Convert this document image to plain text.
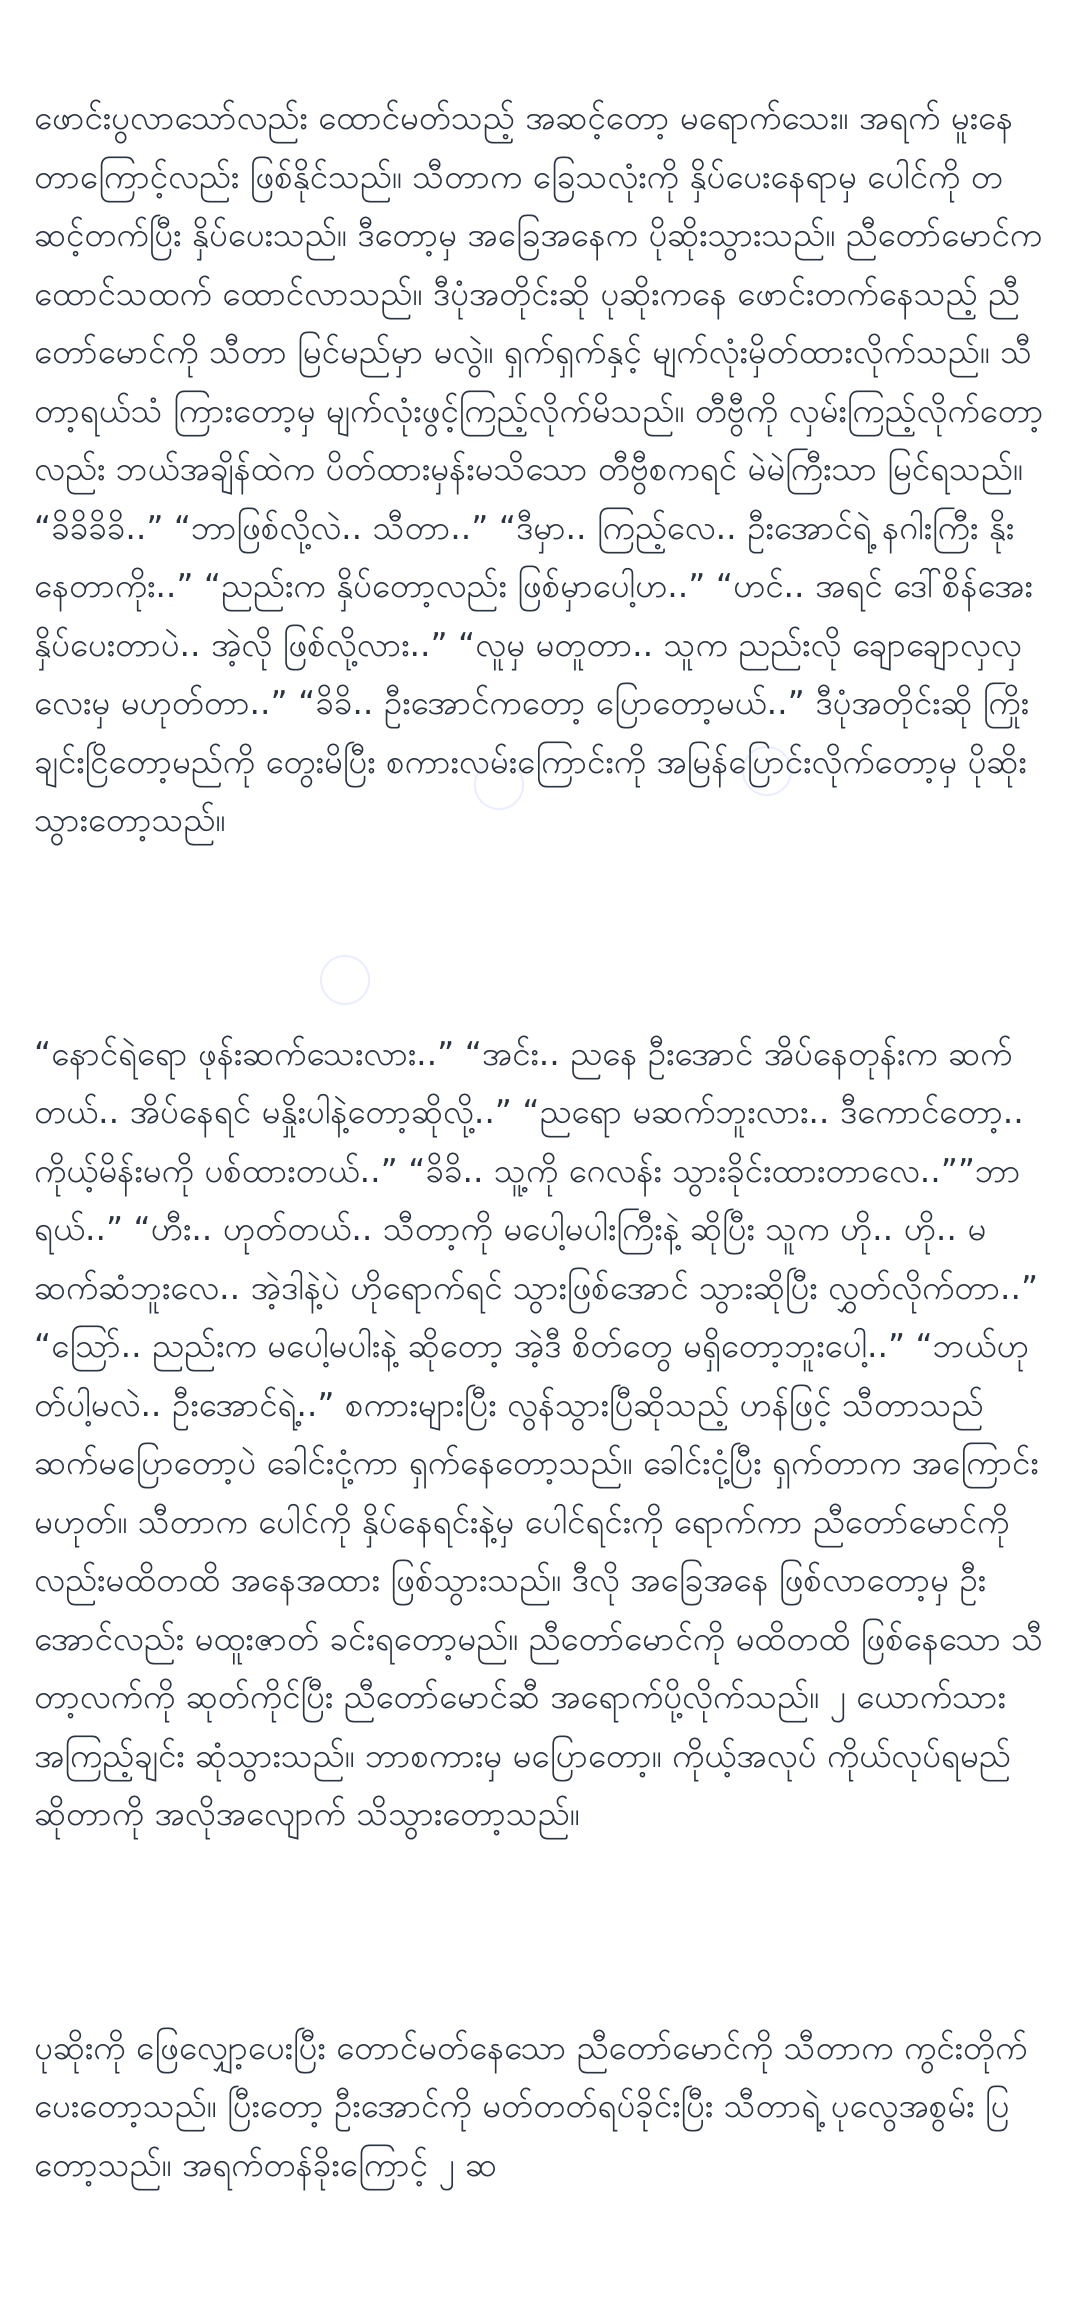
ဖောင်းပွလာသော်လည်း ထောင်မတ်သည့် အဆင့်တော့ မရောက်သေး။ အရက် မူးနေတာကြောင့်လည်း ဖြစ်နိုင်သည်။ သီတာက ခြေသလုံးကို နှိပ်ပေးနေရာမှ ပေါင်ကို တဆင့်တက်ပြီး နှိပ်ပေးသည်။ ဒီတော့မှ အခြေအနေက ပိုဆိုးသွားသည်။ ညီတော်မောင်က ထောင်သထက် ထောင်လာသည်။ ဒီပုံအတိုင်းဆို ပုဆိုးကနေ ဖောင်းတက်နေသည့် ညီတော်မောင်ကို သီတာ မြင်မည်မှာ မလွဲ။ ရှက်ရှက်နှင့် မျက်လုံးမှိတ်ထားလိုက်သည်။ သီတာ့ရယ်သံ ကြားတော့မှ မျက်လုံးဖွင့်ကြည့်လိုက်မိသည်။ တီဗွီကို လှမ်းကြည့်လိုက်တော့လည်း ဘယ်အချိန်ထဲက ပိတ်ထားမှန်းမသိသော တီဗွီစကရင် မဲမဲကြီးသာ မြင်ရသည်။ “ခိခိခိခိ..” “ဘာဖြစ်လို့လဲ.. သီတာ..” “ဒီမှာ.. ကြည့်လေ.. ဦးအောင်ရဲ့ နဂါးကြီး နိုးနေတာကိုး..” “ညည်းက နှိပ်တော့လည်း ဖြစ်မှာပေါ့ဟ..” “ဟင်.. အရင် ဒေါ်စိန်အေး နှိပ်ပေးတာပဲ.. အဲ့လို ဖြစ်လို့လား..” “လူမှ မတူတာ.. သူက ညည်းလို ချောချောလှလှလေးမှ မဟုတ်တာ..” “ခိခိ.. ဦးအောင်ကတော့ ပြောတော့မယ်..” ဒီပုံအတိုင်းဆို ကြိုးချင်းငြိတော့မည်ကို တွေးမိပြီး စကားလမ်းကြောင်းကို အမြန်ပြောင်းလိုက်တော့မှ ပိုဆိုးသွားတော့သည်။

“နောင်ရဲရော ဖုန်းဆက်သေးလား..” “အင်း.. ညနေ ဦးအောင် အိပ်နေတုန်းက ဆက်တယ်.. အိပ်နေရင် မနှိုးပါနဲ့တော့ဆိုလို့..” “ညရော မဆက်ဘူးလား.. ဒီကောင်တော့.. ကိုယ့်မိန်းမကို ပစ်ထားတယ်..” “ခိခိ.. သူ့ကို ဂေလန်း သွားခိုင်းထားတာလေ..””ဘာရယ်..” “ဟီး.. ဟုတ်တယ်.. သီတာ့ကို မပေါ့မပါးကြီးနဲ့ ဆိုပြီး သူက ဟို.. ဟို.. မဆက်ဆံဘူးလေ.. အဲ့ဒါနဲ့ပဲ ဟိုရောက်ရင် သွားဖြစ်အောင် သွားဆိုပြီး လွှတ်လိုက်တာ..” “သြော်.. ညည်းက မပေါ့မပါးနဲ့ ဆိုတော့ အဲ့ဒီ စိတ်တွေ မရှိတော့ဘူးပေါ့..” “ဘယ်ဟုတ်ပါ့မလဲ.. ဦးအောင်ရဲ့..” စကားများပြီး လွန်သွားပြီဆိုသည့် ဟန်ဖြင့် သီတာသည် ဆက်မပြောတော့ပဲ ခေါင်းငုံ့ကာ ရှက်နေတော့သည်။ ခေါင်းငုံ့ပြီး ရှက်တာက အကြောင်းမဟုတ်။ သီတာက ပေါင်ကို နှိပ်နေရင်းနဲ့မှ ပေါင်ရင်းကို ရောက်ကာ ညီတော်မောင်ကိုလည်းမထိတထိ အနေအထား ဖြစ်သွားသည်။ ဒီလို အခြေအနေ ဖြစ်လာတော့မှ ဦးအောင်လည်း မထူးဇာတ် ခင်းရတော့မည်။ ညီတော်မောင်ကို မထိတထိ ဖြစ်နေသော သီတာ့လက်ကို ဆုတ်ကိုင်ပြီး ညီတော်မောင်ဆီ အရောက်ပို့လိုက်သည်။ ၂ ယောက်သား အကြည့်ချင်း ဆုံသွားသည်။ ဘာစကားမှ မပြောတော့။ ကိုယ့်အလုပ် ကိုယ်လုပ်ရမည် ဆိုတာကို အလိုအလျောက် သိသွားတော့သည်။

ပုဆိုးကို ဖြေလျှော့ပေးပြီး တောင်မတ်နေသော ညီတော်မောင်ကို သီတာက ကွင်းတိုက်ပေးတော့သည်။ ပြီးတော့ ဦးအောင်ကို မတ်တတ်ရပ်ခိုင်းပြီး သီတာရဲ့ ပုလွေအစွမ်း ပြတော့သည်။ အရက်တန်ခိုးကြောင့် ၂ ဆ
